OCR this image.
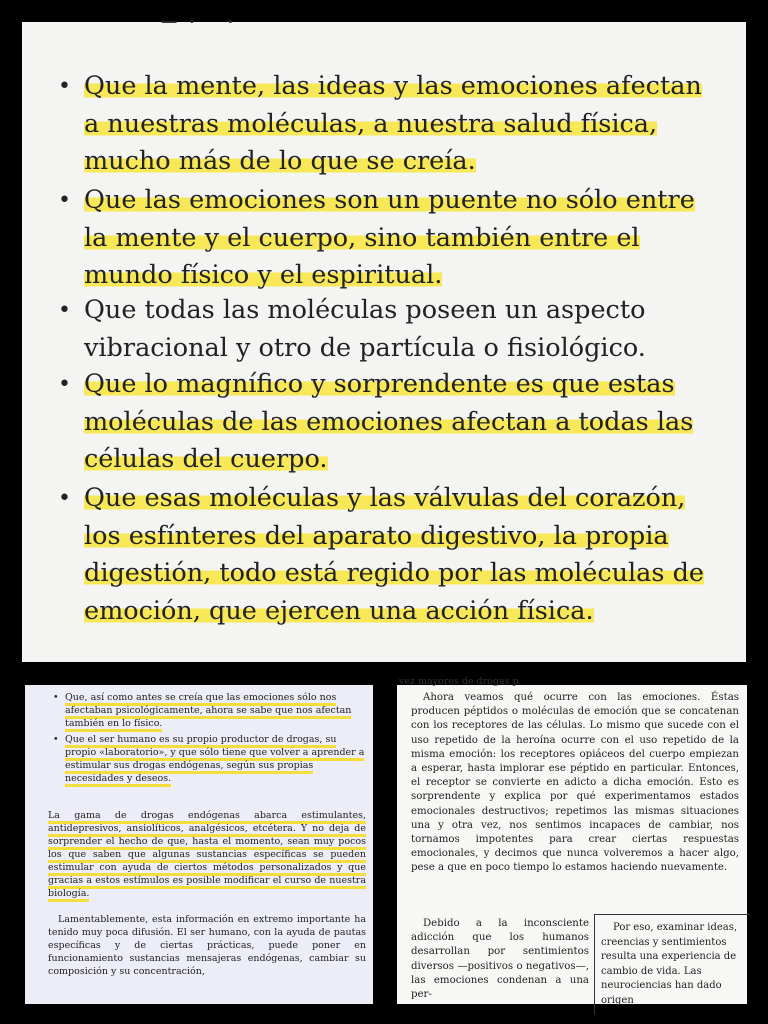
─ ·   ·
• Que la mente, las ideas y las emociones afectan a nuestras moléculas, a nuestra salud física, mucho más de lo que se creía.
• Que las emociones son un puente no sólo entre la mente y el cuerpo, sino también entre el mundo físico y el espiritual.
• Que todas las moléculas poseen un aspecto vibracional y otro de partícula o fisiológico.
• Que lo magnífico y sorprendente es que estas moléculas de las emociones afectan a todas las células del cuerpo.
• Que esas moléculas y las válvulas del corazón, los esfínteres del aparato digestivo, la propia digestión, todo está regido por las moléculas de emoción, que ejercen una acción física.
• Que, así como antes se creía que las emociones sólo nos afectaban psicológicamente, ahora se sabe que nos afectan también en lo físico.
• Que el ser humano es su propio productor de drogas, su propio «laboratorio», y que sólo tiene que volver a aprender a estimular sus drogas endógenas, según sus propias necesidades y deseos.
La gama de drogas endógenas abarca estimulantes, antidepresivos, ansiolíticos, analgésicos, etcétera. Y no deja de sorprender el hecho de que, hasta el momento, sean muy pocos los que saben que algunas sustancias específicas se pueden estimular con ayuda de ciertos métodos personalizados y que gracias a estos estímulos es posible modificar el curso de nuestra biología.
Lamentablemente, esta información en extremo importante ha tenido muy poca difusión. El ser humano, con la ayuda de pautas específicas y de ciertas prácticas, puede poner en funcionamiento sustancias mensajeras endógenas, cambiar su composición y su concentración,
vez mayores de drogas p
Ahora veamos qué ocurre con las emociones. Éstas producen péptidos o moléculas de emoción que se concatenan con los receptores de las células. Lo mismo que sucede con el uso repetido de la heroína ocurre con el uso repetido de la misma emoción: los receptores opiáceos del cuerpo empiezan a esperar, hasta implorar ese péptido en particular. Entonces, el receptor se convierte en adicto a dicha emoción. Esto es sorprendente y explica por qué experimentamos estados emocionales destructivos; repetimos las mismas situaciones una y otra vez, nos sentimos incapaces de cambiar, nos tornamos impotentes para crear ciertas respuestas emocionales, y decimos que nunca volveremos a hacer algo, pese a que en poco tiempo lo estamos haciendo nuevamente.
Debido a la inconsciente adicción que los humanos desarrollan por sentimientos diversos —positivos o negativos—, las emociones condenan a una per-
Por eso, examinar ideas, creencias y sentimientos resulta una experiencia de cambio de vida. Las neurociencias han dado origen
